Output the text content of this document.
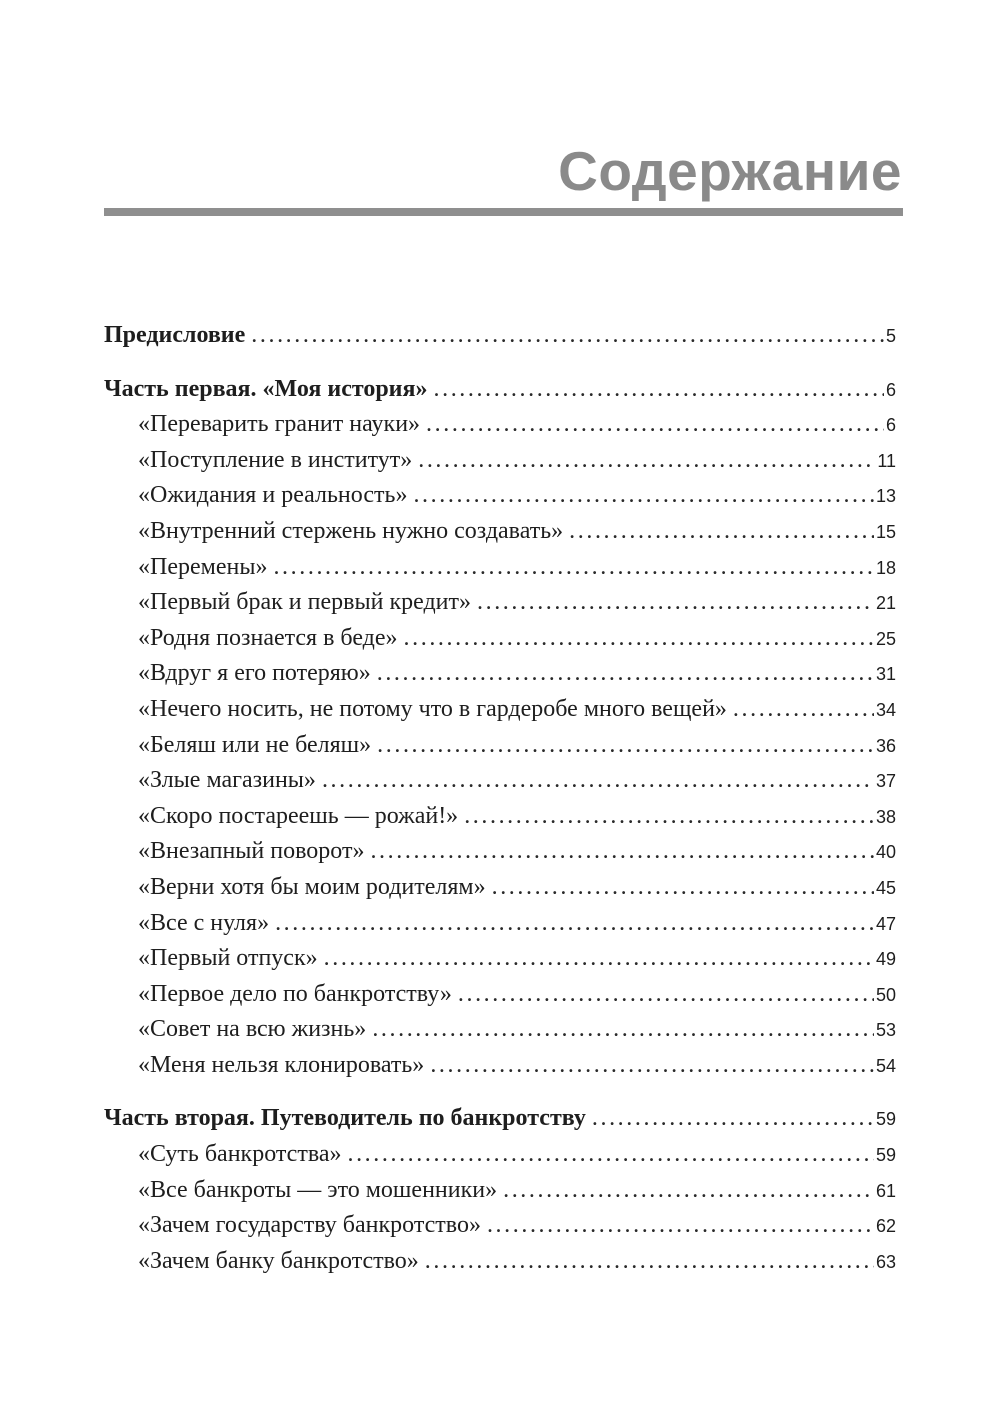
Содержание
Предисловие .....	5
Часть первая. «Моя история» .....	6
«Переварить гранит науки» .....	6
«Поступление в институт» .....	11
«Ожидания и реальность» .....	13
«Внутренний стержень нужно создавать» .....	15
«Перемены» .....	18
«Первый брак и первый кредит» .....	21
«Родня познается в беде» .....	25
«Вдруг я его потеряю» .....	31
«Нечего носить, не потому что в гардеробе много вещей» .....	34
«Беляш или не беляш» .....	36
«Злые магазины» .....	37
«Скоро постареешь — рожай!» .....	38
«Внезапный поворот» .....	40
«Верни хотя бы моим родителям» .....	45
«Все с нуля» .....	47
«Первый отпуск» .....	49
«Первое дело по банкротству» .....	50
«Совет на всю жизнь» .....	53
«Меня нельзя клонировать» .....	54
Часть вторая. Путеводитель по банкротству .....	59
«Суть банкротства» .....	59
«Все банкроты — это мошенники» .....	61
«Зачем государству банкротство» .....	62
«Зачем банку банкротство» .....	63
